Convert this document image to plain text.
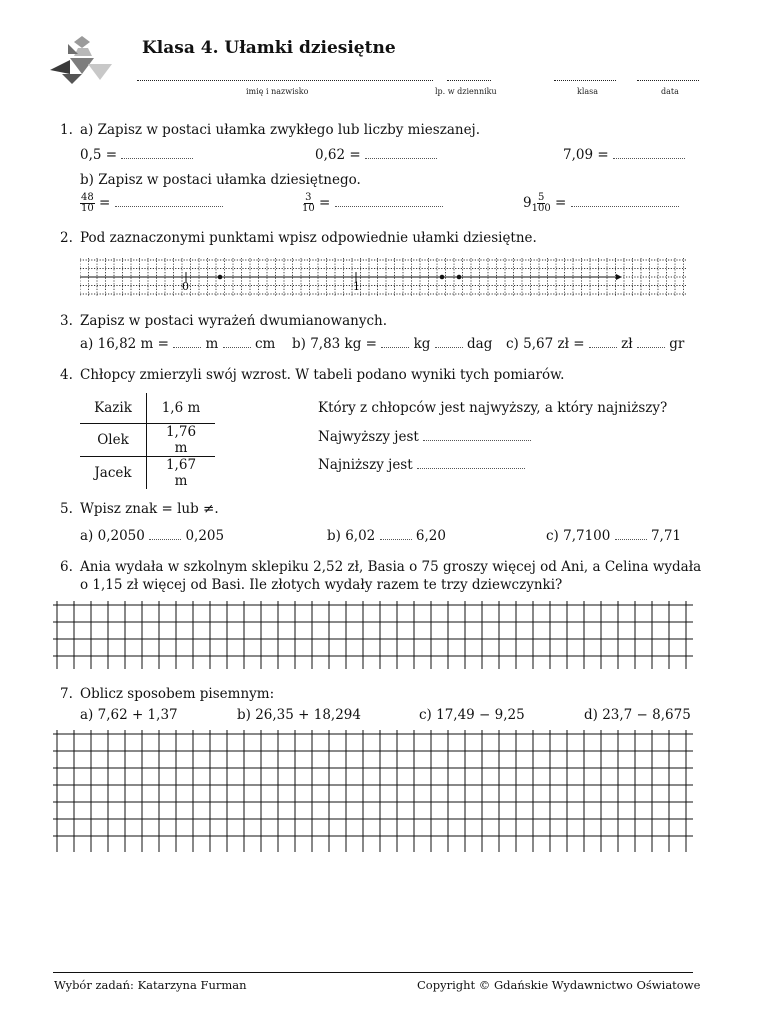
Klasa 4. Ułamki dziesiętne
imię i nazwisko	lp. w dzienniku	klasa	data
1. a) Zapisz w postaci ułamka zwykłego lub liczby mieszanej.
0,5 =	0,62 =	7,09 =
b) Zapisz w postaci ułamka dziesiętnego.
$\frac{48}{10}$ =	$\frac{3}{10}$ =	$9 \frac{5}{100}$ =
2. Pod zaznaczonymi punktami wpisz odpowiednie ułamki dziesiętne.
0	1
3. Zapisz w postaci wyrażeń dwumianowanych.
a) 16,82 m =	m	cm b) 7,83 kg =	kg	dag c) 5,67 zł =	zł	gr
4. Chłopcy zmierzyli swój wzrost. W tabeli podano wyniki tych pomiarów.
Kazik	1,6 m
Olek	1,76 m
Jacek	1,67 m
Który z chłopców jest najwyższy, a który najniższy?
Najwyższy jest
Najniższy jest
5. Wpisz znak = lub ≠.
a) 0,2050	0,205	b) 6,02	6,20	c) 7,7100	7,71
6. Ania wydała w szkolnym sklepiku 2,52 zł, Basia o 75 groszy więcej od Ani, a Celina wydała
o 1,15 zł więcej od Basi. Ile złotych wydały razem te trzy dziewczynki?
7. Oblicz sposobem pisemnym:
a) 7,62 + 1,37	b) 26,35 + 18,294	c) 17,49 − 9,25	d) 23,7 − 8,675
Wybór zadań: Katarzyna Furman	Copyright © Gdańskie Wydawnictwo Oświatowe
